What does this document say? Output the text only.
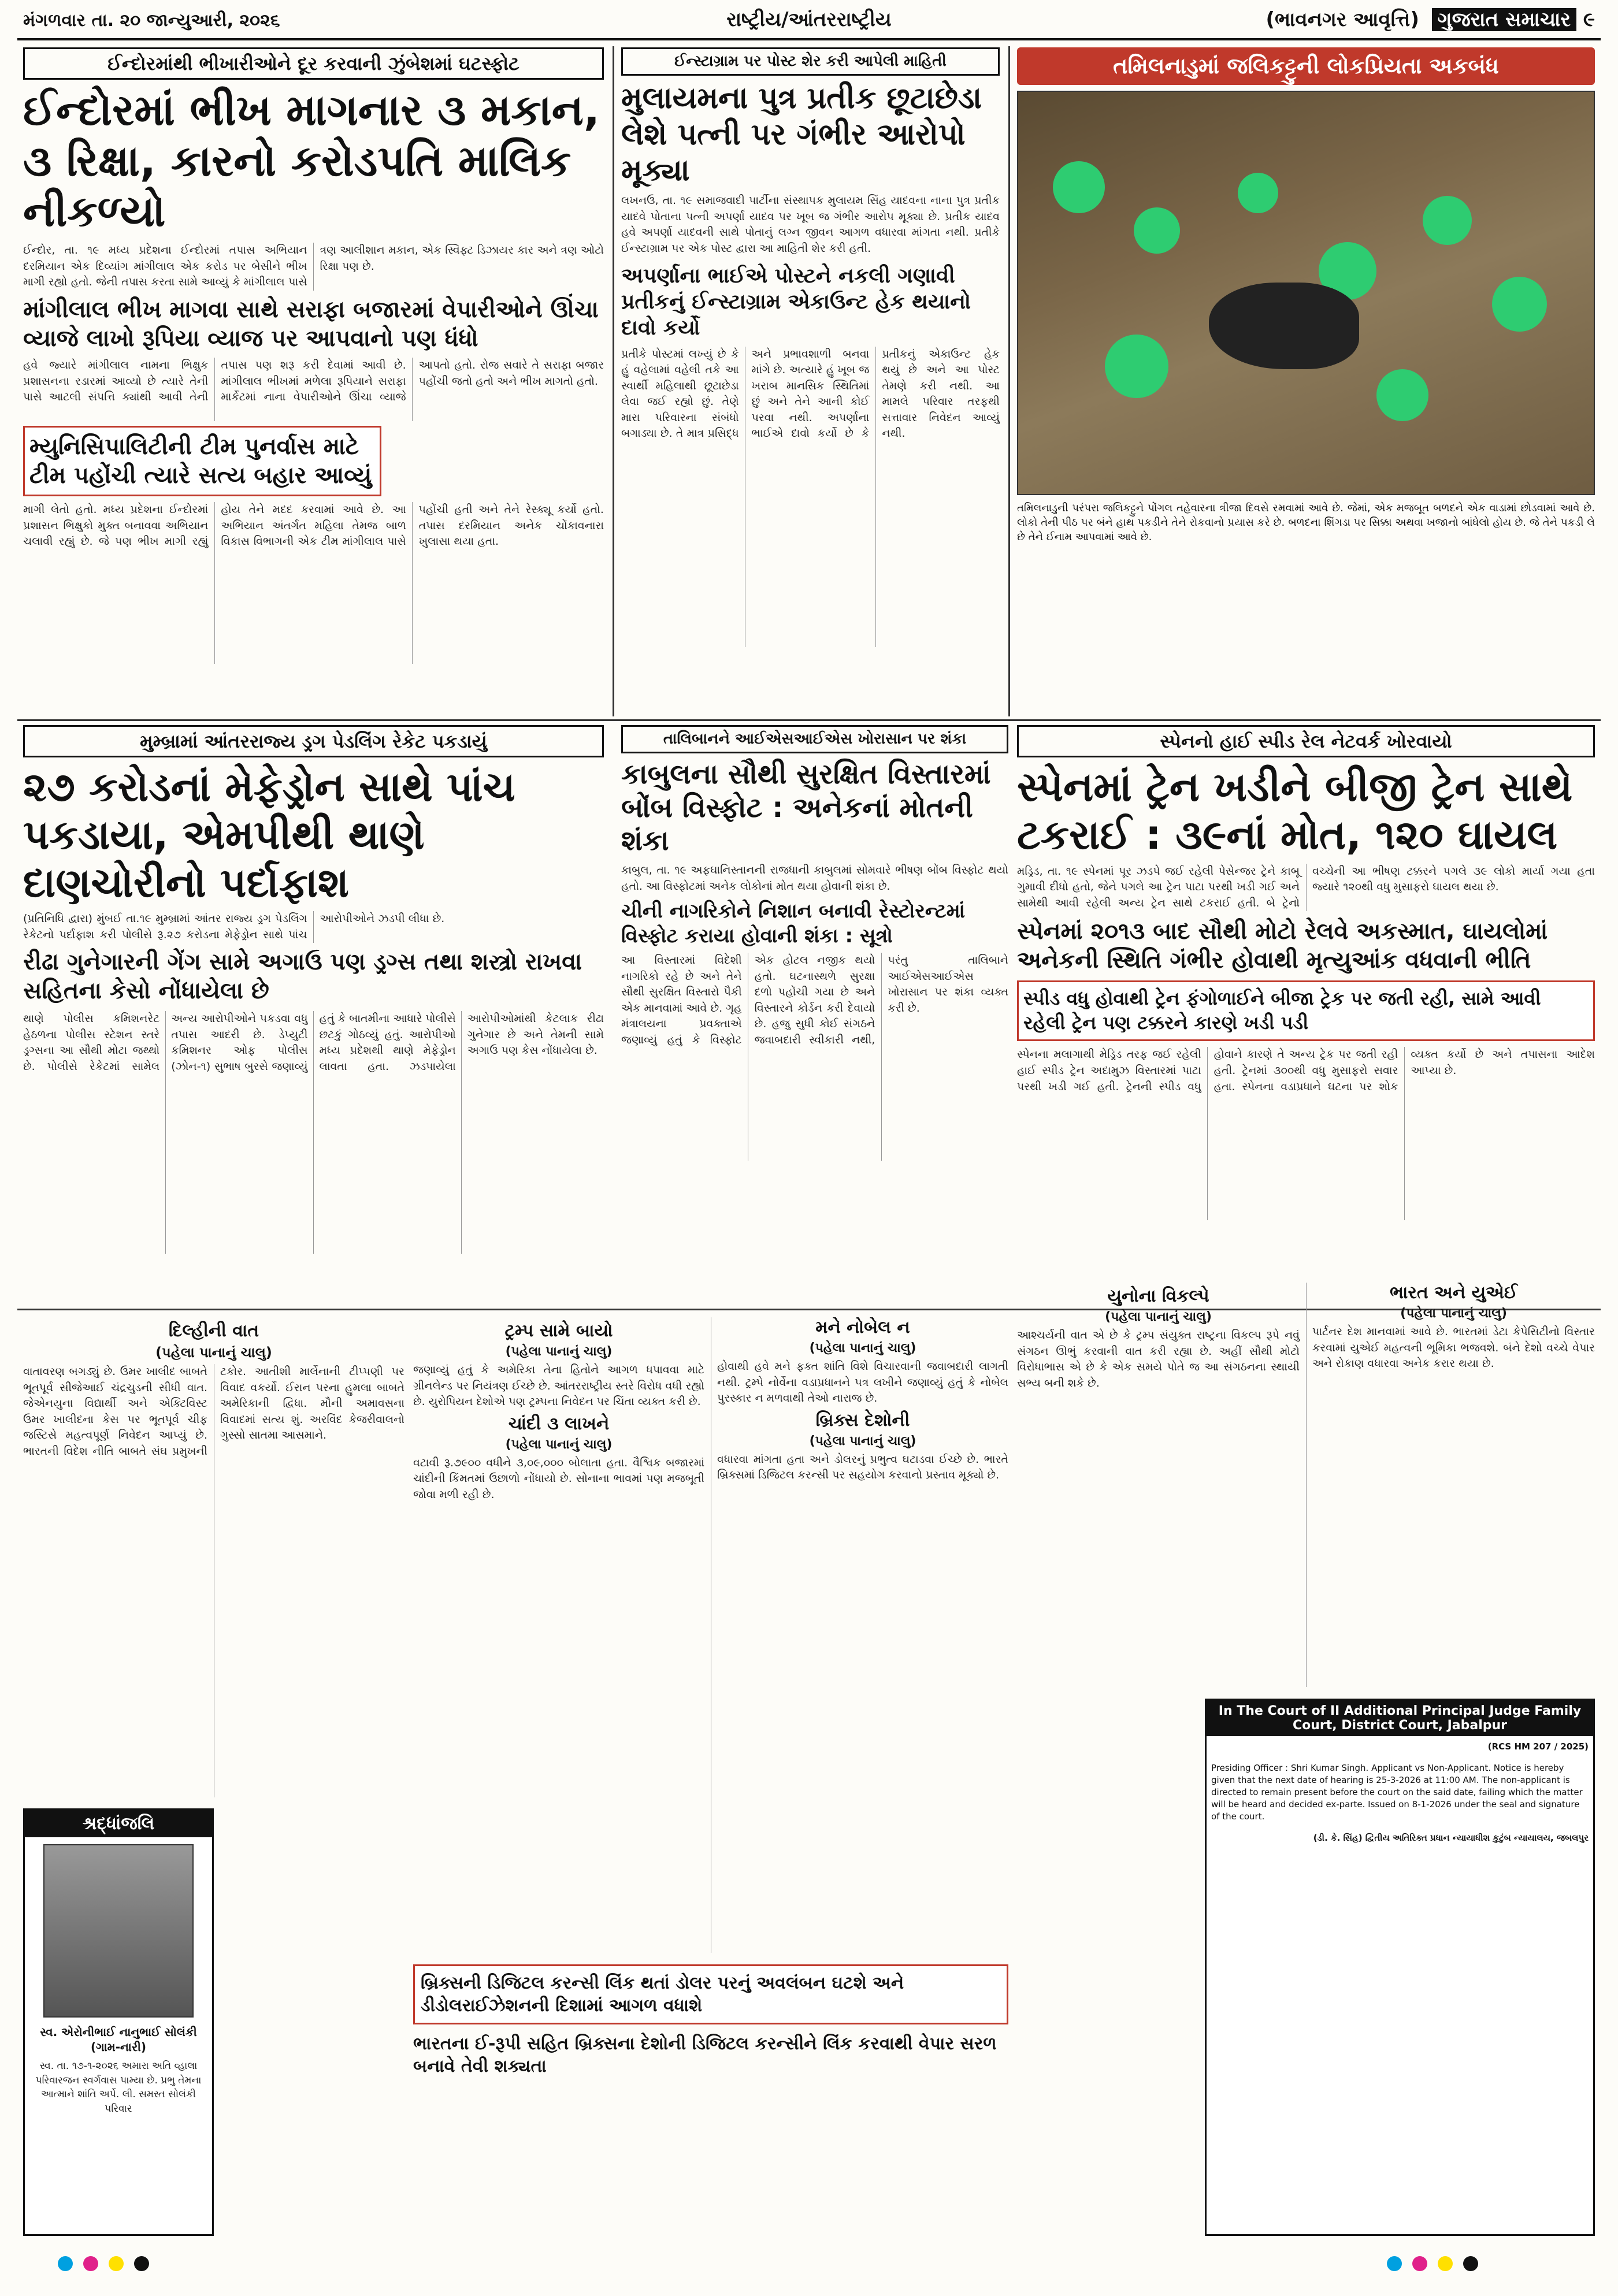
મંગળવાર તા. ૨૦ જાન્યુઆરી, ૨૦૨૬	રાષ્ટ્રીય/આંતરરાષ્ટ્રીય	(ભાવનગર આવૃત્તિ) ગુજરાત સમાચાર ૯
ઈન્દોરમાંથી ભીખારીઓને દૂર કરવાની ઝુંબેશમાં ઘટસ્ફોટ
ઈન્દોરમાં ભીખ માગનાર ૩ મકાન, ૩ રિક્ષા, કારનો કરોડપતિ માલિક નીકળ્યો
ઈન્દોર, તા. ૧૯ મધ્ય પ્રદેશના ઈન્દોરમાં તપાસ અભિયાન દરમિયાન એક દિવ્યાંગ માંગીલાલ એક કરોડ પર બેસીને ભીખ માગી રહ્યો હતો. જેની તપાસ કરતા સામે આવ્યું કે માંગીલાલ પાસે ત્રણ આલીશાન મકાન, એક સ્વિફ્ટ ડિઝાયર કાર અને ત્રણ ઓટો રિક્ષા પણ છે.
માંગીલાલ ભીખ માગવા સાથે સરાફા બજારમાં વેપારીઓને ઊંચા વ્યાજે લાખો રૂપિયા વ્યાજ પર આપવાનો પણ ધંધો
હવે જ્યારે માંગીલાલ નામના ભિક્ષુક પ્રશાસનના રડારમાં આવ્યો છે ત્યારે તેની પાસે આટલી સંપત્તિ ક્યાંથી આવી તેની તપાસ પણ શરૂ કરી દેવામાં આવી છે. માંગીલાલ ભીખમાં મળેલા રૂપિયાને સરાફા માર્કેટમાં નાના વેપારીઓને ઊંચા વ્યાજે આપતો હતો. રોજ સવારે તે સરાફા બજાર પહોંચી જતો હતો અને ભીખ માગતો હતો.
મ્યુનિસિપાલિટીની ટીમ પુનર્વાસ માટે ટીમ પહોંચી ત્યારે સત્ય બહાર આવ્યું
માગી લેતો હતો. મધ્ય પ્રદેશના ઈન્દોરમાં પ્રશાસન ભિક્ષુકો મુક્ત બનાવવા અભિયાન ચલાવી રહ્યું છે. જે પણ ભીખ માગી રહ્યું હોય તેને મદદ કરવામાં આવે છે. આ અભિયાન અંતર્ગત મહિલા તેમજ બાળ વિકાસ વિભાગની એક ટીમ માંગીલાલ પાસે પહોંચી હતી અને તેને રેસ્ક્યૂ કર્યો હતો. તપાસ દરમિયાન અનેક ચોંકાવનારા ખુલાસા થયા હતા.
ઈન્સ્ટાગ્રામ પર પોસ્ટ શેર કરી આપેલી માહિતી
મુલાયમના પુત્ર પ્રતીક છૂટાછેડા લેશે પત્ની પર ગંભીર આરોપો મૂક્યા
લખનઉ, તા. ૧૯ સમાજવાદી પાર્ટીના સંસ્થાપક મુલાયમ સિંહ યાદવના નાના પુત્ર પ્રતીક યાદવે પોતાના પત્ની અપર્ણા યાદવ પર ખૂબ જ ગંભીર આરોપ મૂક્યા છે. પ્રતીક યાદવ હવે અપર્ણા યાદવની સાથે પોતાનું લગ્ન જીવન આગળ વધારવા માંગતા નથી. પ્રતીકે ઈન્સ્ટાગ્રામ પર એક પોસ્ટ દ્વારા આ માહિતી શેર કરી હતી.
અપર્ણાના ભાઈએ પોસ્ટને નકલી ગણાવી પ્રતીકનું ઈન્સ્ટાગ્રામ એકાઉન્ટ હેક થયાનો દાવો કર્યો
પ્રતીકે પોસ્ટમાં લખ્યું છે કે હું વહેલામાં વહેલી તકે આ સ્વાર્થી મહિલાથી છૂટાછેડા લેવા જઈ રહ્યો છું. તેણે મારા પરિવારના સંબંધો બગાડ્યા છે. તે માત્ર પ્રસિદ્ધ અને પ્રભાવશાળી બનવા માંગે છે. અત્યારે હું ખૂબ જ ખરાબ માનસિક સ્થિતિમાં છું અને તેને આની કોઈ પરવા નથી. અપર્ણાના ભાઈએ દાવો કર્યો છે કે પ્રતીકનું એકાઉન્ટ હેક થયું છે અને આ પોસ્ટ તેમણે કરી નથી. આ મામલે પરિવાર તરફથી સત્તાવાર નિવેદન આવ્યું નથી.
તમિલનાડુમાં જલિકટ્ટુની લોકપ્રિયતા અકબંધ
તમિલનાડુની પરંપરા જલિકટ્ટુને પોંગલ તહેવારના ત્રીજા દિવસે રમવામાં આવે છે. જેમાં, એક મજબૂત બળદને એક વાડામાં છોડવામાં આવે છે. લોકો તેની પીઠ પર બંને હાથ પકડીને તેને રોકવાનો પ્રયાસ કરે છે. બળદના શિંગડા પર સિક્કા અથવા ખજાનો બાંધેલો હોય છે. જે તેને પકડી લે છે તેને ઈનામ આપવામાં આવે છે.
સ્પેનનો હાઈ સ્પીડ રેલ નેટવર્ક ખોરવાયો
સ્પેનમાં ટ્રેન ખડીને બીજી ટ્રેન સાથે ટકરાઈ : ૩૯નાં મોત, ૧૨૦ ઘાયલ
મડ્રિડ, તા. ૧૯ સ્પેનમાં પૂર ઝડપે જઈ રહેલી પેસેન્જર ટ્રેને કાબૂ ગુમાવી દીધો હતો, જેને પગલે આ ટ્રેન પાટા પરથી ખડી ગઈ અને સામેથી આવી રહેલી અન્ય ટ્રેન સાથે ટકરાઈ હતી. બે ટ્રેનો વચ્ચેની આ ભીષણ ટક્કરને પગલે ૩૯ લોકો માર્યા ગયા હતા જ્યારે ૧૨૦થી વધુ મુસાફરો ઘાયલ થયા છે.
સ્પેનમાં ૨૦૧૩ બાદ સૌથી મોટો રેલવે અકસ્માત, ઘાયલોમાં અનેકની સ્થિતિ ગંભીર હોવાથી મૃત્યુઆંક વધવાની ભીતિ
સ્પીડ વધુ હોવાથી ટ્રેન ફંગોળાઈને બીજા ટ્રેક પર જતી રહી, સામે આવી રહેલી ટ્રેન પણ ટક્કરને કારણે ખડી પડી
સ્પેનના મલાગાથી મેડ્રિડ તરફ જઈ રહેલી હાઈ સ્પીડ ટ્રેન અદામુઝ વિસ્તારમાં પાટા પરથી ખડી ગઈ હતી. ટ્રેનની સ્પીડ વધુ હોવાને કારણે તે અન્ય ટ્રેક પર જતી રહી હતી. ટ્રેનમાં ૩૦૦થી વધુ મુસાફરો સવાર હતા. સ્પેનના વડાપ્રધાને ઘટના પર શોક વ્યક્ત કર્યો છે અને તપાસના આદેશ આપ્યા છે.
મુમ્બ્રામાં આંતરરાજ્ય ડ્રગ પેડલિંગ રેકેટ પકડાયું
૨૭ કરોડનાં મેફેડ્રોન સાથે પાંચ પકડાયા, એમપીથી થાણે દાણચોરીનો પર્દાફાશ
(પ્રતિનિધિ દ્વારા) મુંબઈ તા.૧૯ મુમ્બ્રામાં આંતર રાજ્ય ડ્રગ પેડલિંગ રેકેટનો પર્દાફાશ કરી પોલીસે રૂ.૨૭ કરોડના મેફેડ્રોન સાથે પાંચ આરોપીઓને ઝડપી લીધા છે.
રીઢા ગુનેગારની ગેંગ સામે અગાઉ પણ ડ્રગ્સ તથા શસ્ત્રો રાખવા સહિતના કેસો નોંધાયેલા છે
થાણે પોલીસ કમિશનરેટ હેઠળના પોલીસ સ્ટેશન સ્તરે ડ્રગ્સના આ સૌથી મોટા જથ્થો છે. પોલીસે રેકેટમાં સામેલ અન્ય આરોપીઓને પકડવા વધુ તપાસ આદરી છે. ડેપ્યુટી કમિશનર ઓફ પોલીસ (ઝોન-૧) સુભાષ બુરસે જણાવ્યું હતું કે બાતમીના આધારે પોલીસે છટકું ગોઠવ્યું હતું. આરોપીઓ મધ્ય પ્રદેશથી થાણે મેફેડ્રોન લાવતા હતા. ઝડપાયેલા આરોપીઓમાંથી કેટલાક રીઢા ગુનેગાર છે અને તેમની સામે અગાઉ પણ કેસ નોંધાયેલા છે.
તાલિબાનને આઈએસઆઈએસ ખોરાસાન પર શંકા
કાબુલના સૌથી સુરક્ષિત વિસ્તારમાં બોંબ વિસ્ફોટ : અનેકનાં મોતની શંકા
કાબુલ, તા. ૧૯ અફઘાનિસ્તાનની રાજધાની કાબુલમાં સોમવારે ભીષણ બોંબ વિસ્ફોટ થયો હતો. આ વિસ્ફોટમાં અનેક લોકોનાં મોત થયા હોવાની શંકા છે.
ચીની નાગરિકોને નિશાન બનાવી રેસ્ટોરન્ટમાં વિસ્ફોટ કરાયા હોવાની શંકા : સૂત્રો
આ વિસ્તારમાં વિદેશી નાગરિકો રહે છે અને તેને સૌથી સુરક્ષિત વિસ્તારો પૈકી એક માનવામાં આવે છે. ગૃહ મંત્રાલયના પ્રવક્તાએ જણાવ્યું હતું કે વિસ્ફોટ એક હોટલ નજીક થયો હતો. ઘટનાસ્થળે સુરક્ષા દળો પહોંચી ગયા છે અને વિસ્તારને કોર્ડન કરી દેવાયો છે. હજુ સુધી કોઈ સંગઠને જવાબદારી સ્વીકારી નથી, પરંતુ તાલિબાને આઈએસઆઈએસ ખોરાસાન પર શંકા વ્યક્ત કરી છે.
દિલ્હીની વાત
(પહેલા પાનાનું ચાલુ)
વાતાવરણ બગડ્યું છે. ઉમર ખાલીદ બાબતે ભૂતપૂર્વ સીજેઆઈ ચંદ્રચુડની સીધી વાત. જેએનયુના વિદ્યાર્થી અને એક્ટિવિસ્ટ ઉમર ખાલીદના કેસ પર ભૂતપૂર્વ ચીફ જસ્ટિસે મહત્વપૂર્ણ નિવેદન આપ્યું છે. ભારતની વિદેશ નીતિ બાબતે સંઘ પ્રમુખની ટકોર. આતીશી માર્લેનાની ટીપ્પણી પર વિવાદ વકર્યો. ઈરાન પરના હુમલા બાબતે અમેરિકાની દ્વિધા. મૌની અમાવસના વિવાદમાં સત્ય શું. અરવિંદ કેજરીવાલનો ગુસ્સો સાતમા આસમાને.
ટ્રમ્પ સામે બાયો
(પહેલા પાનાનું ચાલુ)
જણાવ્યું હતું કે અમેરિકા તેના હિતોને આગળ ધપાવવા માટે ગ્રીનલેન્ડ પર નિયંત્રણ ઈચ્છે છે. આંતરરાષ્ટ્રીય સ્તરે વિરોધ વધી રહ્યો છે. યુરોપિયન દેશોએ પણ ટ્રમ્પના નિવેદન પર ચિંતા વ્યક્ત કરી છે.
ચાંદી ૩ લાખને
(પહેલા પાનાનું ચાલુ)
વટાવી રૂ.૭૯૦૦ વધીને ૩,૦૯,૦૦૦ બોલાતા હતા. વૈશ્વિક બજારમાં ચાંદીની કિંમતમાં ઉછાળો નોંધાયો છે. સોનાના ભાવમાં પણ મજબૂતી જોવા મળી રહી છે.
મને નોબેલ ન
(પહેલા પાનાનું ચાલુ)
હોવાથી હવે મને ફક્ત શાંતિ વિશે વિચારવાની જવાબદારી લાગતી નથી. ટ્રમ્પે નોર્વેના વડાપ્રધાનને પત્ર લખીને જણાવ્યું હતું કે નોબેલ પુરસ્કાર ન મળવાથી તેઓ નારાજ છે.
બ્રિક્સ દેશોની
(પહેલા પાનાનું ચાલુ)
વધારવા માંગતા હતા અને ડોલરનું પ્રભુત્વ ઘટાડવા ઈચ્છે છે. ભારતે બ્રિક્સમાં ડિજિટલ કરન્સી પર સહયોગ કરવાનો પ્રસ્તાવ મૂક્યો છે.
બ્રિક્સની ડિજિટલ કરન્સી લિંક થતાં ડોલર પરનું અવલંબન ઘટશે અને ડીડોલરાઈઝેશનની દિશામાં આગળ વધાશે
ભારતના ઈ-રૂપી સહિત બ્રિક્સના દેશોની ડિજિટલ કરન્સીને લિંક કરવાથી વેપાર સરળ બનાવે તેવી શક્યતા
યુનોના વિકલ્પે
(પહેલા પાનાનું ચાલુ)
આશ્ચર્યની વાત એ છે કે ટ્રમ્પ સંયુક્ત રાષ્ટ્રના વિકલ્પ રૂપે નવું સંગઠન ઊભું કરવાની વાત કરી રહ્યા છે. અહીં સૌથી મોટો વિરોધાભાસ એ છે કે એક સમયે પોતે જ આ સંગઠનના સ્થાયી સભ્ય બની શકે છે.
ભારત અને યુએઈ
(પહેલા પાનાનું ચાલુ)
પાર્ટનર દેશ માનવામાં આવે છે. ભારતમાં ડેટા કેપેસિટીનો વિસ્તાર કરવામાં યુએઈ મહત્વની ભૂમિકા ભજવશે. બંને દેશો વચ્ચે વેપાર અને રોકાણ વધારવા અનેક કરાર થયા છે.
શ્રદ્ધાંજલિ
સ્વ. એરોનીભાઈ નાનુભાઈ સોલંકી (ગામ-નારી)
સ્વ. તા. ૧૭-૧-૨૦૨૬ અમારા અતિ વ્હાલા પરિવારજન સ્વર્ગવાસ પામ્યા છે. પ્રભુ તેમના આત્માને શાંતિ અર્પે. લી. સમસ્ત સોલંકી પરિવાર
In The Court of II Additional Principal Judge Family Court, District Court, Jabalpur
(RCS HM 207 / 2025)
Presiding Officer : Shri Kumar Singh. Applicant vs Non-Applicant. Notice is hereby given that the next date of hearing is 25-3-2026 at 11:00 AM. The non-applicant is directed to remain present before the court on the said date, failing which the matter will be heard and decided ex-parte. Issued on 8-1-2026 under the seal and signature of the court.
(ડી. કે. સિંહ) દ્વિતીય અતિરિક્ત પ્રધાન ન્યાયાધીશ કુટુંબ ન્યાયાલય, જબલપુર
